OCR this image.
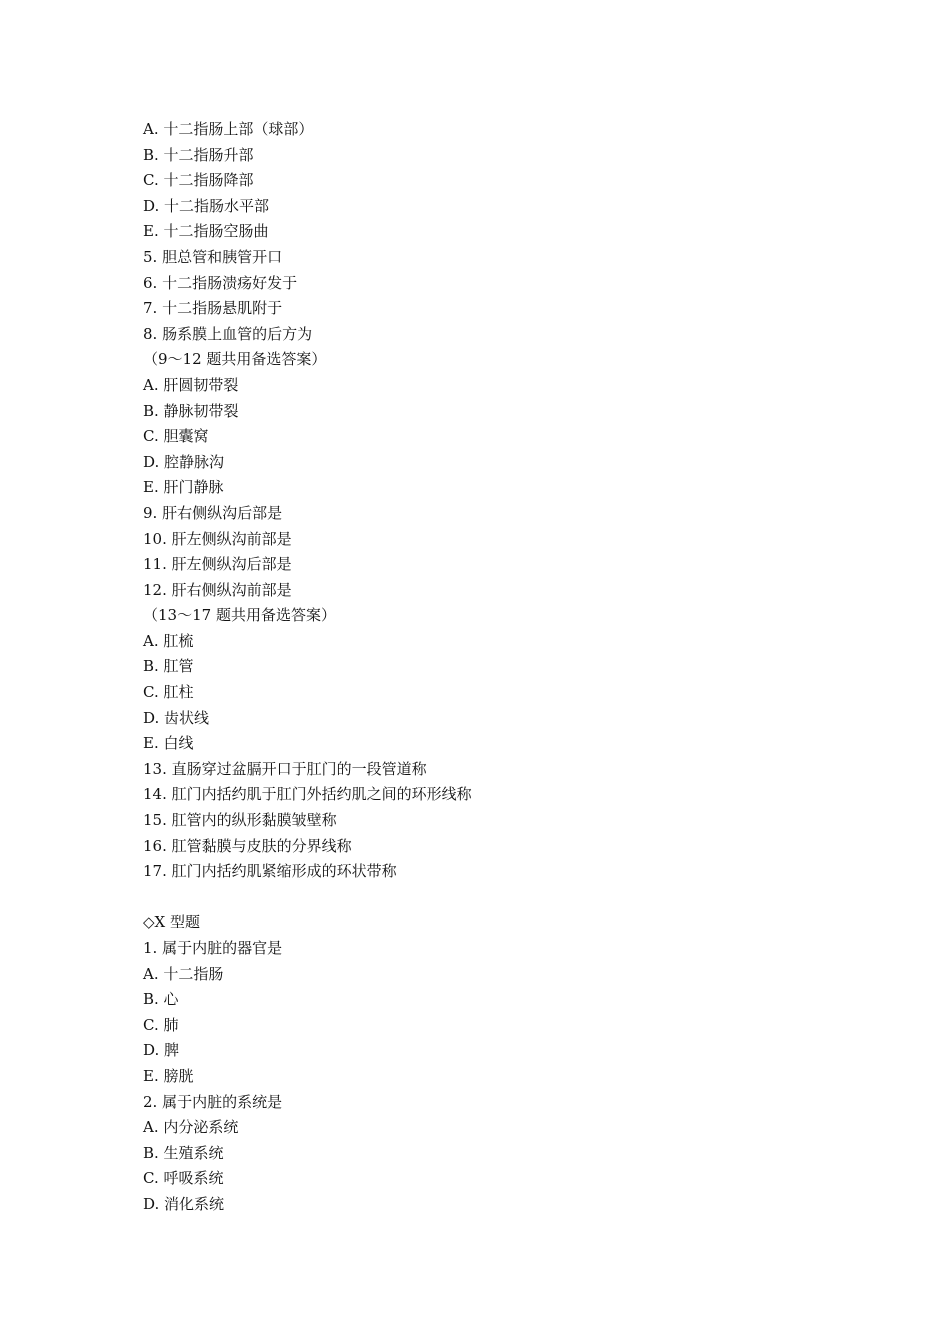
A. 十二指肠上部（球部）
B. 十二指肠升部
C. 十二指肠降部
D. 十二指肠水平部
E. 十二指肠空肠曲
5. 胆总管和胰管开口
6. 十二指肠溃疡好发于
7. 十二指肠悬肌附于
8. 肠系膜上血管的后方为
（9～12 题共用备选答案）
A. 肝圆韧带裂
B. 静脉韧带裂
C. 胆囊窝
D. 腔静脉沟
E. 肝门静脉
9. 肝右侧纵沟后部是
10. 肝左侧纵沟前部是
11. 肝左侧纵沟后部是
12. 肝右侧纵沟前部是
（13～17 题共用备选答案）
A. 肛梳
B. 肛管
C. 肛柱
D. 齿状线
E. 白线
13. 直肠穿过盆膈开口于肛门的一段管道称
14. 肛门内括约肌于肛门外括约肌之间的环形线称
15. 肛管内的纵形黏膜皱壁称
16. 肛管黏膜与皮肤的分界线称
17. 肛门内括约肌紧缩形成的环状带称
◇X 型题
1. 属于内脏的器官是
A. 十二指肠
B. 心
C. 肺
D. 脾
E. 膀胱
2. 属于内脏的系统是
A. 内分泌系统
B. 生殖系统
C. 呼吸系统
D. 消化系统
